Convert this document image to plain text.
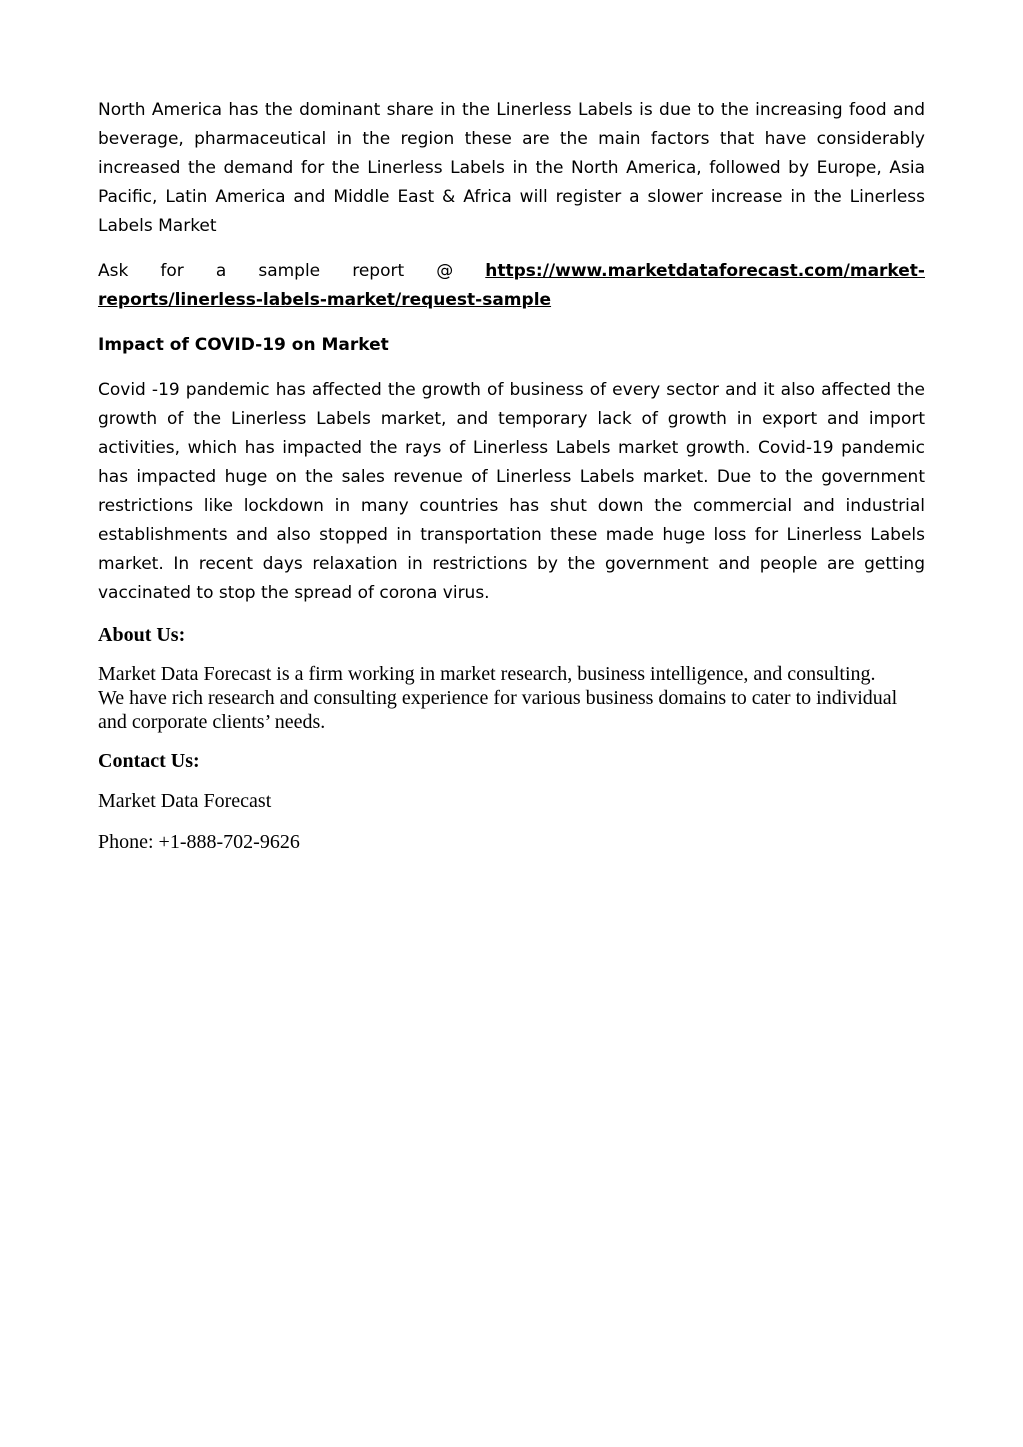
North America has the dominant share in the Linerless Labels is due to the increasing food and beverage, pharmaceutical in the region these are the main factors that have considerably increased the demand for the Linerless Labels in the North America, followed by Europe, Asia Pacific, Latin America and Middle East & Africa will register a slower increase in the Linerless Labels Market

Ask for a sample report @ https://www.marketdataforecast.com/market-reports/linerless-labels-market/request-sample

Impact of COVID-19 on Market

Covid -19 pandemic has affected the growth of business of every sector and it also affected the growth of the Linerless Labels market, and temporary lack of growth in export and import activities, which has impacted the rays of Linerless Labels market growth. Covid-19 pandemic has impacted huge on the sales revenue of Linerless Labels market. Due to the government restrictions like lockdown in many countries has shut down the commercial and industrial establishments and also stopped in transportation these made huge loss for Linerless Labels market. In recent days relaxation in restrictions by the government and people are getting vaccinated to stop the spread of corona virus.

About Us:

Market Data Forecast is a firm working in market research, business intelligence, and consulting.
We have rich research and consulting experience for various business domains to cater to individual and corporate clients’ needs.

Contact Us:

Market Data Forecast

Phone: +1-888-702-9626
